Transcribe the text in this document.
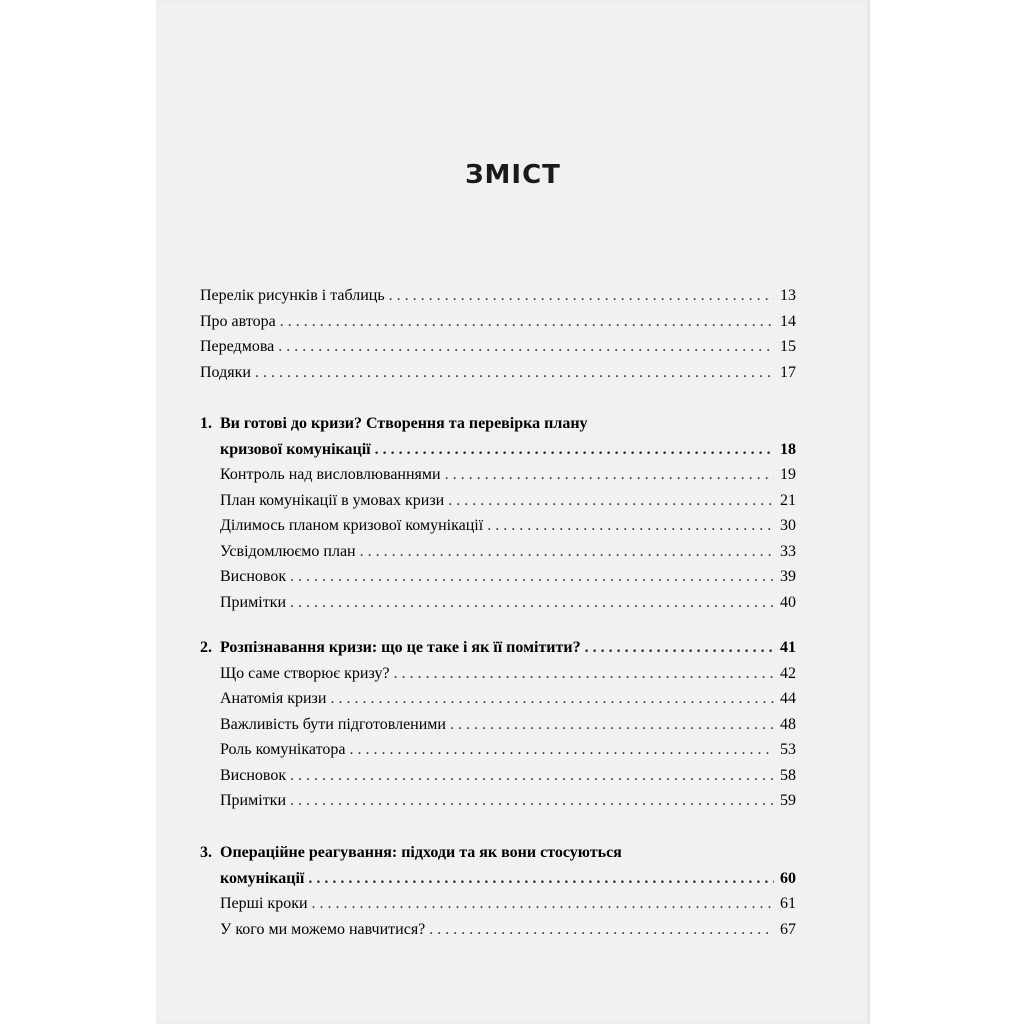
ЗМІСТ
Перелік рисунків і таблиць . . .	13
Про автора . . .	14
Передмова . . .	15
Подяки . . .	17
1. Ви готові до кризи? Створення та перевірка плану
кризової комунікації . . .	18
Контроль над висловлюваннями . . .	19
План комунікації в умовах кризи . . .	21
Ділимось планом кризової комунікації . . .	30
Усвідомлюємо план . . .	33
Висновок . . .	39
Примітки . . .	40
2. Розпізнавання кризи: що це таке і як її помітити? . . .	41
Що саме створює кризу? . . .	42
Анатомія кризи . . .	44
Важливість бути підготовленими . . .	48
Роль комунікатора . . .	53
Висновок . . .	58
Примітки . . .	59
3. Операційне реагування: підходи та як вони стосуються
комунікації . . .	60
Перші кроки . . .	61
У кого ми можемо навчитися? . . .	67
